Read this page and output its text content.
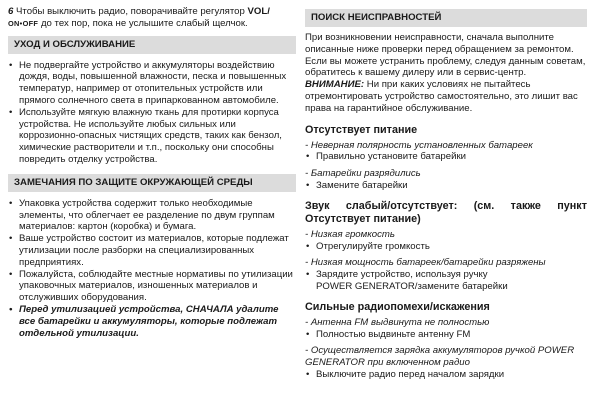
6 Чтобы выключить радио, поворачивайте регулятор VOL/
ON•OFF до тех пор, пока не услышите слабый щелчок.

УХОД И ОБСЛУЖИВАНИЕ
• Не подвергайте устройство и аккумуляторы воздействию дождя, воды, повышенной влажности, песка и повышенных температур, например от отопительных устройств или прямого солнечного света в припаркованном автомобиле.
• Используйте мягкую влажную ткань для протирки корпуса устройства. Не используйте любых сильных или коррозионно-опасных чистящих средств, таких как бензол, химические растворители и т.п., поскольку они способны повредить отделку устройства.
ЗАМЕЧАНИЯ ПО ЗАЩИТЕ ОКРУЖАЮЩЕЙ СРЕДЫ
• Упаковка устройства содержит только необходимые элементы, что облегчает ее разделение по двум группам материалов: картон (коробка) и бумага.
• Ваше устройство состоит из материалов, которые подлежат утилизации после разборки на специализированных предприятиях.
• Пожалуйста, соблюдайте местные нормативы по утилизации упаковочных материалов, изношенных материалов и отслуживших оборудования.
• Перед утилизацией устройства, СНАЧАЛА удалите все батарейки и аккумуляторы, которые подлежат отдельной утилизации.
ПОИСК НЕИСПРАВНОСТЕЙ

При возникновении неисправности, сначала выполните описанные ниже проверки перед обращением за ремонтом. Если вы можете устранить проблему, следуя данным советам, обратитесь к вашему дилеру или в сервис-центр. ВНИМАНИЕ: Ни при каких условиях не пытайтесь отремонтировать устройство самостоятельно, это лишит вас права на гарантийное обслуживание.

Отсутствует питание

- Неверная полярность установленных батареек

• Правильно установите батарейки

- Батарейки разрядились

• Замените батарейки

Звук слабый/отсутствует: (см. также пункт Отсутствует питание)

- Низкая громкость

• Отрегулируйте громкость

- Низкая мощность батареек/батарейки разряжены

• Зарядите устройство, используя ручку
POWER GENERATOR/замените батарейки

Сильные радиопомехи/искажения

- Антенна FM выдвинута не полностью

• Полностью выдвиньте антенну FM

- Осуществляется зарядка аккумуляторов ручкой POWER GENERATOR при включенном радио

• Выключите радио перед началом зарядки
